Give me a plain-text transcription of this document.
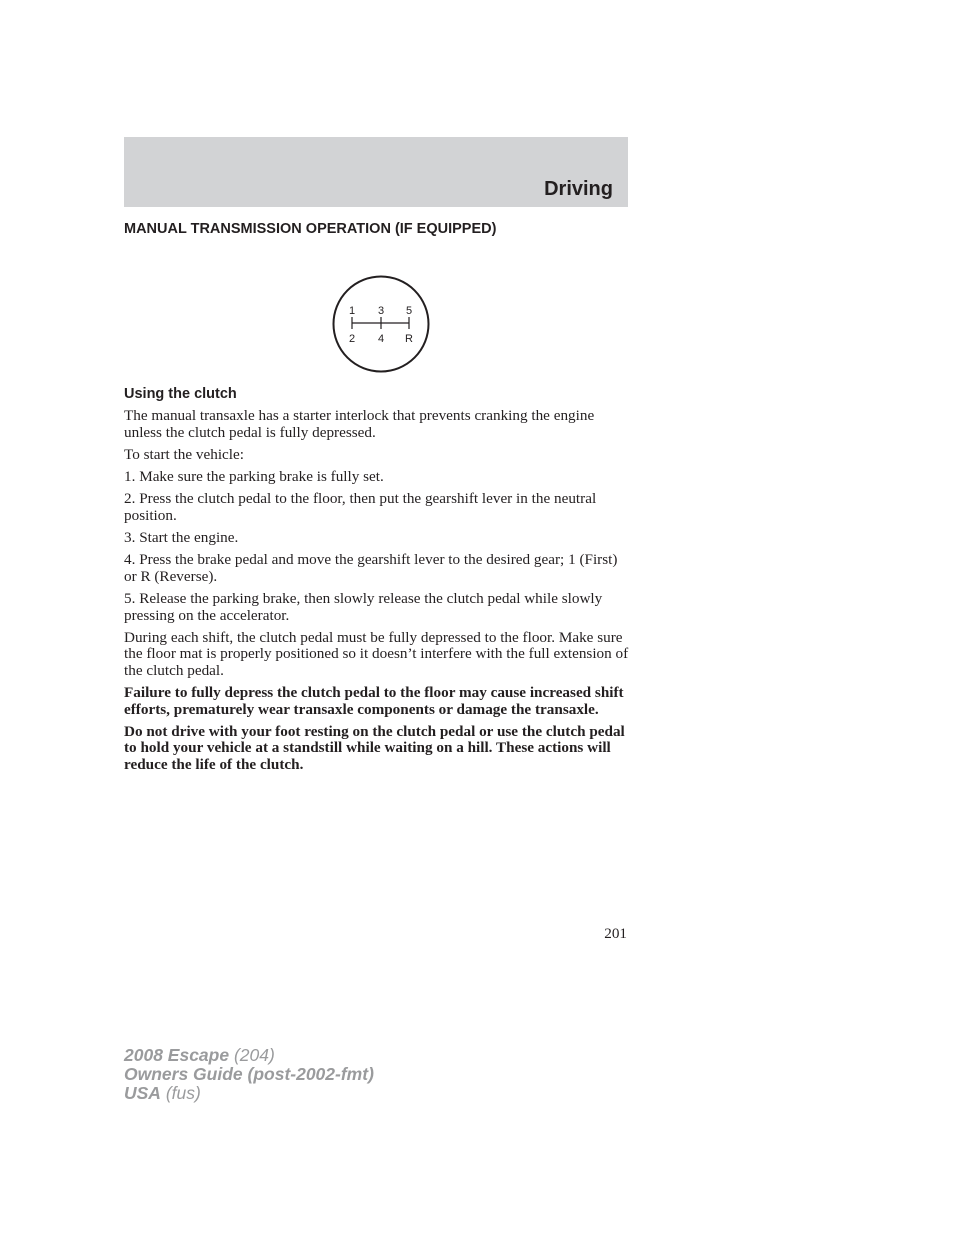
Driving
MANUAL TRANSMISSION OPERATION (IF EQUIPPED)
1 3 5
2 4 R
Using the clutch

The manual transaxle has a starter interlock that prevents cranking the engine unless the clutch pedal is fully depressed.

To start the vehicle:

1. Make sure the parking brake is fully set.

2. Press the clutch pedal to the floor, then put the gearshift lever in the neutral position.

3. Start the engine.

4. Press the brake pedal and move the gearshift lever to the desired gear; 1 (First) or R (Reverse).

5. Release the parking brake, then slowly release the clutch pedal while slowly pressing on the accelerator.

During each shift, the clutch pedal must be fully depressed to the floor. Make sure the floor mat is properly positioned so it doesn’t interfere with the full extension of the clutch pedal.

Failure to fully depress the clutch pedal to the floor may cause increased shift efforts, prematurely wear transaxle components or damage the transaxle.

Do not drive with your foot resting on the clutch pedal or use the clutch pedal to hold your vehicle at a standstill while waiting on a hill. These actions will reduce the life of the clutch.

201

2008 Escape (204)

Owners Guide (post-2002-fmt)

USA (fus)
